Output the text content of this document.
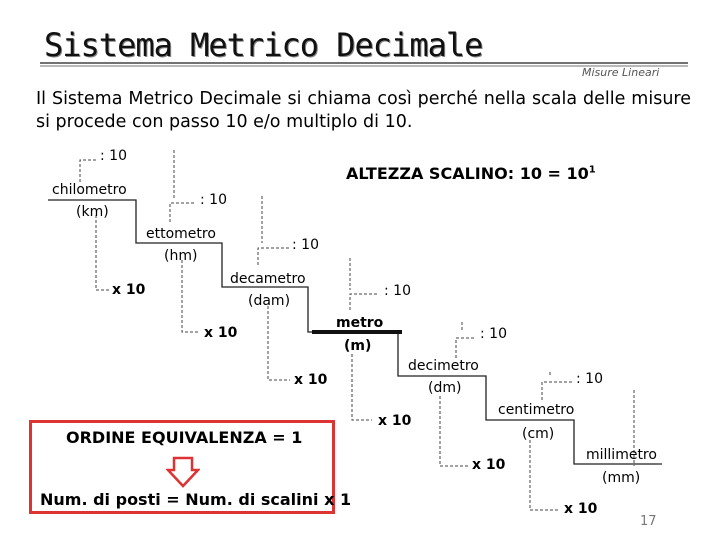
Sistema Metrico Decimale
Misure Lineari
Il Sistema Metrico Decimale si chiama così perché nella scala delle misure si procede con passo 10 e/o multiplo di 10.
chilometro
(km)
ettometro
(hm)
decametro
(dam)
metro
(m)
decimetro
(dm)
centimetro
(cm)
millimetro
(mm)
: 10
: 10
: 10
: 10
: 10
: 10
x 10
x 10
x 10
x 10
x 10
x 10
ALTEZZA SCALINO: $10 = 10^1$
ORDINE EQUIVALENZA = 1
Num. di posti = Num. di scalini x 1
17
